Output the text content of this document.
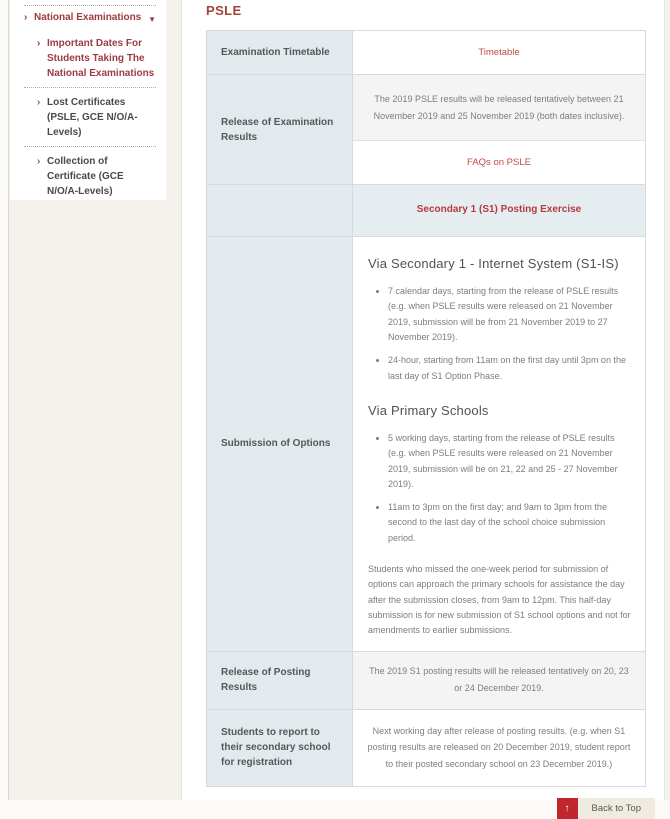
› National Examinations ▼
› Important Dates For Students Taking The National Examinations
› Lost Certificates (PSLE, GCE N/O/A-Levels)
› Collection of Certificate (GCE N/O/A-Levels)
PSLE
Examination Timetable	Timetable
Release of Examination Results

The 2019 PSLE results will be released tentatively between 21 November 2019 and 25 November 2019 (both dates inclusive).

FAQs on PSLE
Secondary 1 (S1) Posting Exercise
Submission of Options
Via Secondary 1 - Internet System (S1-IS)
• 7 calendar days, starting from the release of PSLE results (e.g. when PSLE results were released on 21 November 2019, submission will be from 21 November 2019 to 27 November 2019).
• 24-hour, starting from 11am on the first day until 3pm on the last day of S1 Option Phase.
Via Primary Schools
• 5 working days, starting from the release of PSLE results (e.g. when PSLE results were released on 21 November 2019, submission will be on 21, 22 and 25 - 27 November 2019).
• 11am to 3pm on the first day; and 9am to 3pm from the second to the last day of the school choice submission period.

Students who missed the one-week period for submission of options can approach the primary schools for assistance the day after the submission closes, from 9am to 12pm. This half-day submission is for new submission of S1 school options and not for amendments to earlier submissions.

Release of Posting Results

The 2019 S1 posting results will be released tentatively on 20, 23 or 24 December 2019.

Students to report to their secondary school for registration

Next working day after release of posting results. (e.g. when S1 posting results are released on 20 December 2019, student report to their posted secondary school on 23 December 2019.)

↑	Back to Top
